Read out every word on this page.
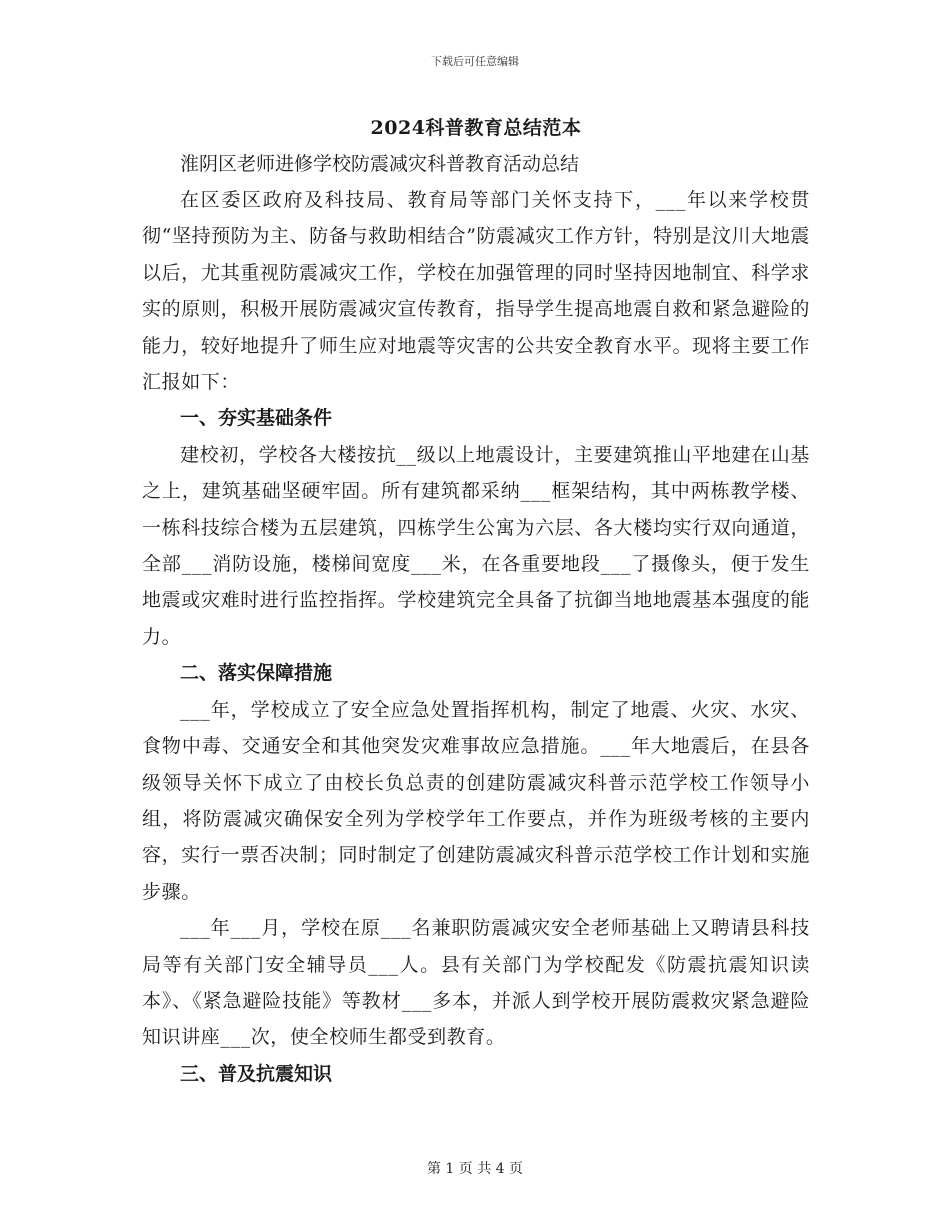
下载后可任意编辑
2024科普教育总结范本

淮阴区老师进修学校防震减灾科普教育活动总结

在区委区政府及科技局、教育局等部门关怀支持下，___年以来学校贯彻“坚持预防为主、防备与救助相结合”防震减灾工作方针，特别是汶川大地震以后，尤其重视防震减灾工作，学校在加强管理的同时坚持因地制宜、科学求实的原则，积极开展防震减灾宣传教育，指导学生提高地震自救和紧急避险的能力，较好地提升了师生应对地震等灾害的公共安全教育水平。现将主要工作汇报如下：

一、夯实基础条件

建校初，学校各大楼按抗__级以上地震设计，主要建筑推山平地建在山基之上，建筑基础坚硬牢固。所有建筑都采纳___框架结构，其中两栋教学楼、一栋科技综合楼为五层建筑，四栋学生公寓为六层、各大楼均实行双向通道，全部___消防设施，楼梯间宽度___米，在各重要地段___了摄像头，便于发生地震或灾难时进行监控指挥。学校建筑完全具备了抗御当地地震基本强度的能力。

二、落实保障措施

___年，学校成立了安全应急处置指挥机构，制定了地震、火灾、水灾、食物中毒、交通安全和其他突发灾难事故应急措施。___年大地震后，在县各级领导关怀下成立了由校长负总责的创建防震减灾科普示范学校工作领导小组，将防震减灾确保安全列为学校学年工作要点，并作为班级考核的主要内容，实行一票否决制；同时制定了创建防震减灾科普示范学校工作计划和实施步骤。

___年___月，学校在原___名兼职防震减灾安全老师基础上又聘请县科技局等有关部门安全辅导员___人。县有关部门为学校配发《防震抗震知识读本》、《紧急避险技能》等教材___多本，并派人到学校开展防震救灾紧急避险知识讲座___次，使全校师生都受到教育。

三、普及抗震知识

第 1 页 共 4 页
